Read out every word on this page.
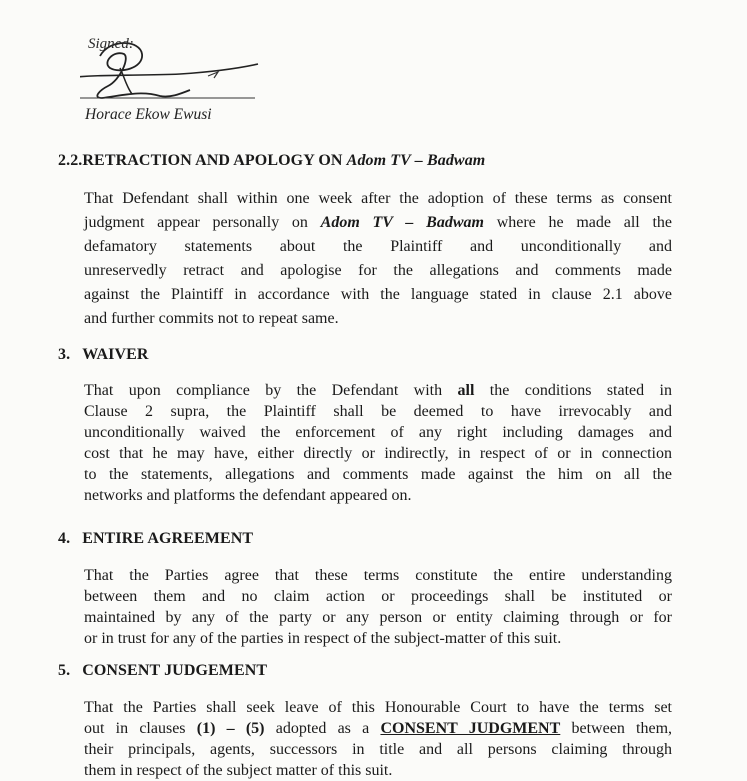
Signed:
Horace Ekow Ewusi
2.2.RETRACTION AND APOLOGY ON Adom TV – Badwam
That Defendant shall within one week after the adoption of these terms as consent
judgment appear personally on Adom TV – Badwam where he made all the
defamatory statements about the Plaintiff and unconditionally and
unreservedly retract and apologise for the allegations and comments made
against the Plaintiff in accordance with the language stated in clause 2.1 above
and further commits not to repeat same.
3. WAIVER
That upon compliance by the Defendant with all the conditions stated in
Clause 2 supra, the Plaintiff shall be deemed to have irrevocably and
unconditionally waived the enforcement of any right including damages and
cost that he may have, either directly or indirectly, in respect of or in connection
to the statements, allegations and comments made against the him on all the
networks and platforms the defendant appeared on.
4. ENTIRE AGREEMENT
That the Parties agree that these terms constitute the entire understanding
between them and no claim action or proceedings shall be instituted or
maintained by any of the party or any person or entity claiming through or for
or in trust for any of the parties in respect of the subject-matter of this suit.
5. CONSENT JUDGEMENT
That the Parties shall seek leave of this Honourable Court to have the terms set
out in clauses (1) – (5) adopted as a CONSENT JUDGMENT between them,
their principals, agents, successors in title and all persons claiming through
them in respect of the subject matter of this suit.
